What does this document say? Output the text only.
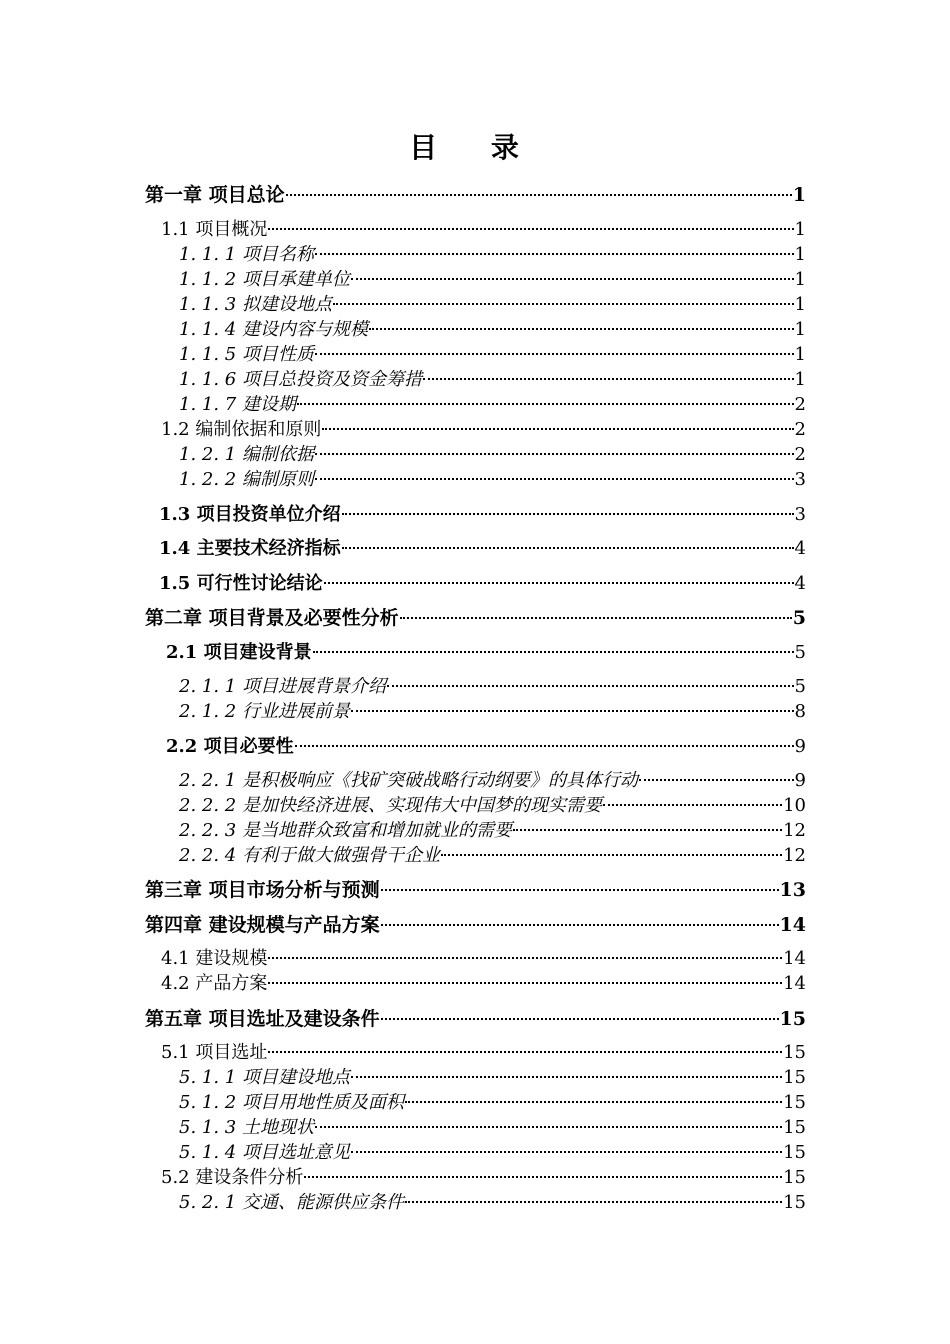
目 录
第一章 项目总论	1
1.1 项目概况	1
1. 1. 1 项目名称	1
1. 1. 2 项目承建单位	1
1. 1. 3 拟建设地点	1
1. 1. 4 建设内容与规模	1
1. 1. 5 项目性质	1
1. 1. 6 项目总投资及资金筹措	1
1. 1. 7 建设期	2
1.2 编制依据和原则	2
1. 2. 1 编制依据	2
1. 2. 2 编制原则	3
1.3 项目投资单位介绍	3
1.4 主要技术经济指标	4
1.5 可行性讨论结论	4
第二章 项目背景及必要性分析	5
2.1 项目建设背景	5
2. 1. 1 项目进展背景介绍	5
2. 1. 2 行业进展前景	8
2.2 项目必要性	9
2. 2. 1 是积极响应《找矿突破战略行动纲要》的具体行动	9
2. 2. 2 是加快经济进展、实现伟大中国梦的现实需要	10
2. 2. 3 是当地群众致富和增加就业的需要	12
2. 2. 4 有利于做大做强骨干企业	12
第三章 项目市场分析与预测	13
第四章 建设规模与产品方案	14
4.1 建设规模	14
4.2 产品方案	14
第五章 项目选址及建设条件	15
5.1 项目选址	15
5. 1. 1 项目建设地点	15
5. 1. 2 项目用地性质及面积	15
5. 1. 3 土地现状	15
5. 1. 4 项目选址意见	15
5.2 建设条件分析	15
5. 2. 1 交通、能源供应条件	15
